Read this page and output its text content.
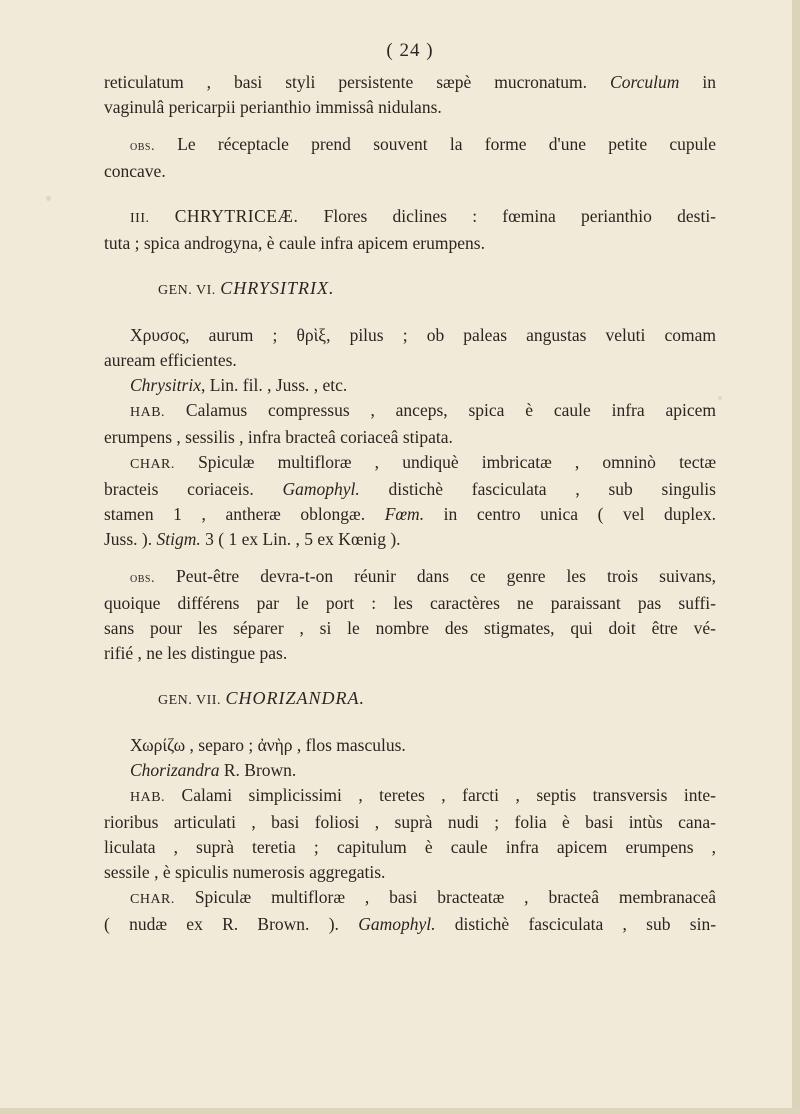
( 24 )
reticulatum , basi styli persistente sæpè mucronatum. Corculum in
vaginulâ pericarpii perianthio immissâ nidulans.
obs. Le réceptacle prend souvent la forme d'une petite cupule
concave.
III. CHRYTRICEÆ. Flores diclines : fœmina perianthio desti-
tuta ; spica androgyna, è caule infra apicem erumpens.
GEN. VI. CHRYSITRIX.
Χρυσος, aurum ; θρὶξ, pilus ; ob paleas angustas veluti comam
auream efficientes.
Chrysitrix, Lin. fil. , Juss. , etc.
HAB. Calamus compressus , anceps, spica è caule infra apicem
erumpens , sessilis , infra bracteâ coriaceâ stipata.
CHAR. Spiculæ multifloræ , undiquè imbricatæ , omninò tectæ
bracteis coriaceis. Gamophyl. distichè fasciculata , sub singulis
stamen 1 , antheræ oblongæ. Fœm. in centro unica ( vel duplex.
Juss. ). Stigm. 3 ( 1 ex Lin. , 5 ex Kœnig ).
obs. Peut-être devra-t-on réunir dans ce genre les trois suivans,
quoique différens par le port : les caractères ne paraissant pas suffi-
sans pour les séparer , si le nombre des stigmates, qui doit être vé-
rifié , ne les distingue pas.
GEN. VII. CHORIZANDRA.
Χωρίζω , separo ; ἀνὴρ , flos masculus.
Chorizandra R. Brown.
HAB. Calami simplicissimi , teretes , farcti , septis transversis inte-
rioribus articulati , basi foliosi , suprà nudi ; folia è basi intùs cana-
liculata , suprà teretia ; capitulum è caule infra apicem erumpens ,
sessile , è spiculis numerosis aggregatis.
CHAR. Spiculæ multifloræ , basi bracteatæ , bracteâ membranaceâ
( nudæ ex R. Brown. ). Gamophyl. distichè fasciculata , sub sin-
